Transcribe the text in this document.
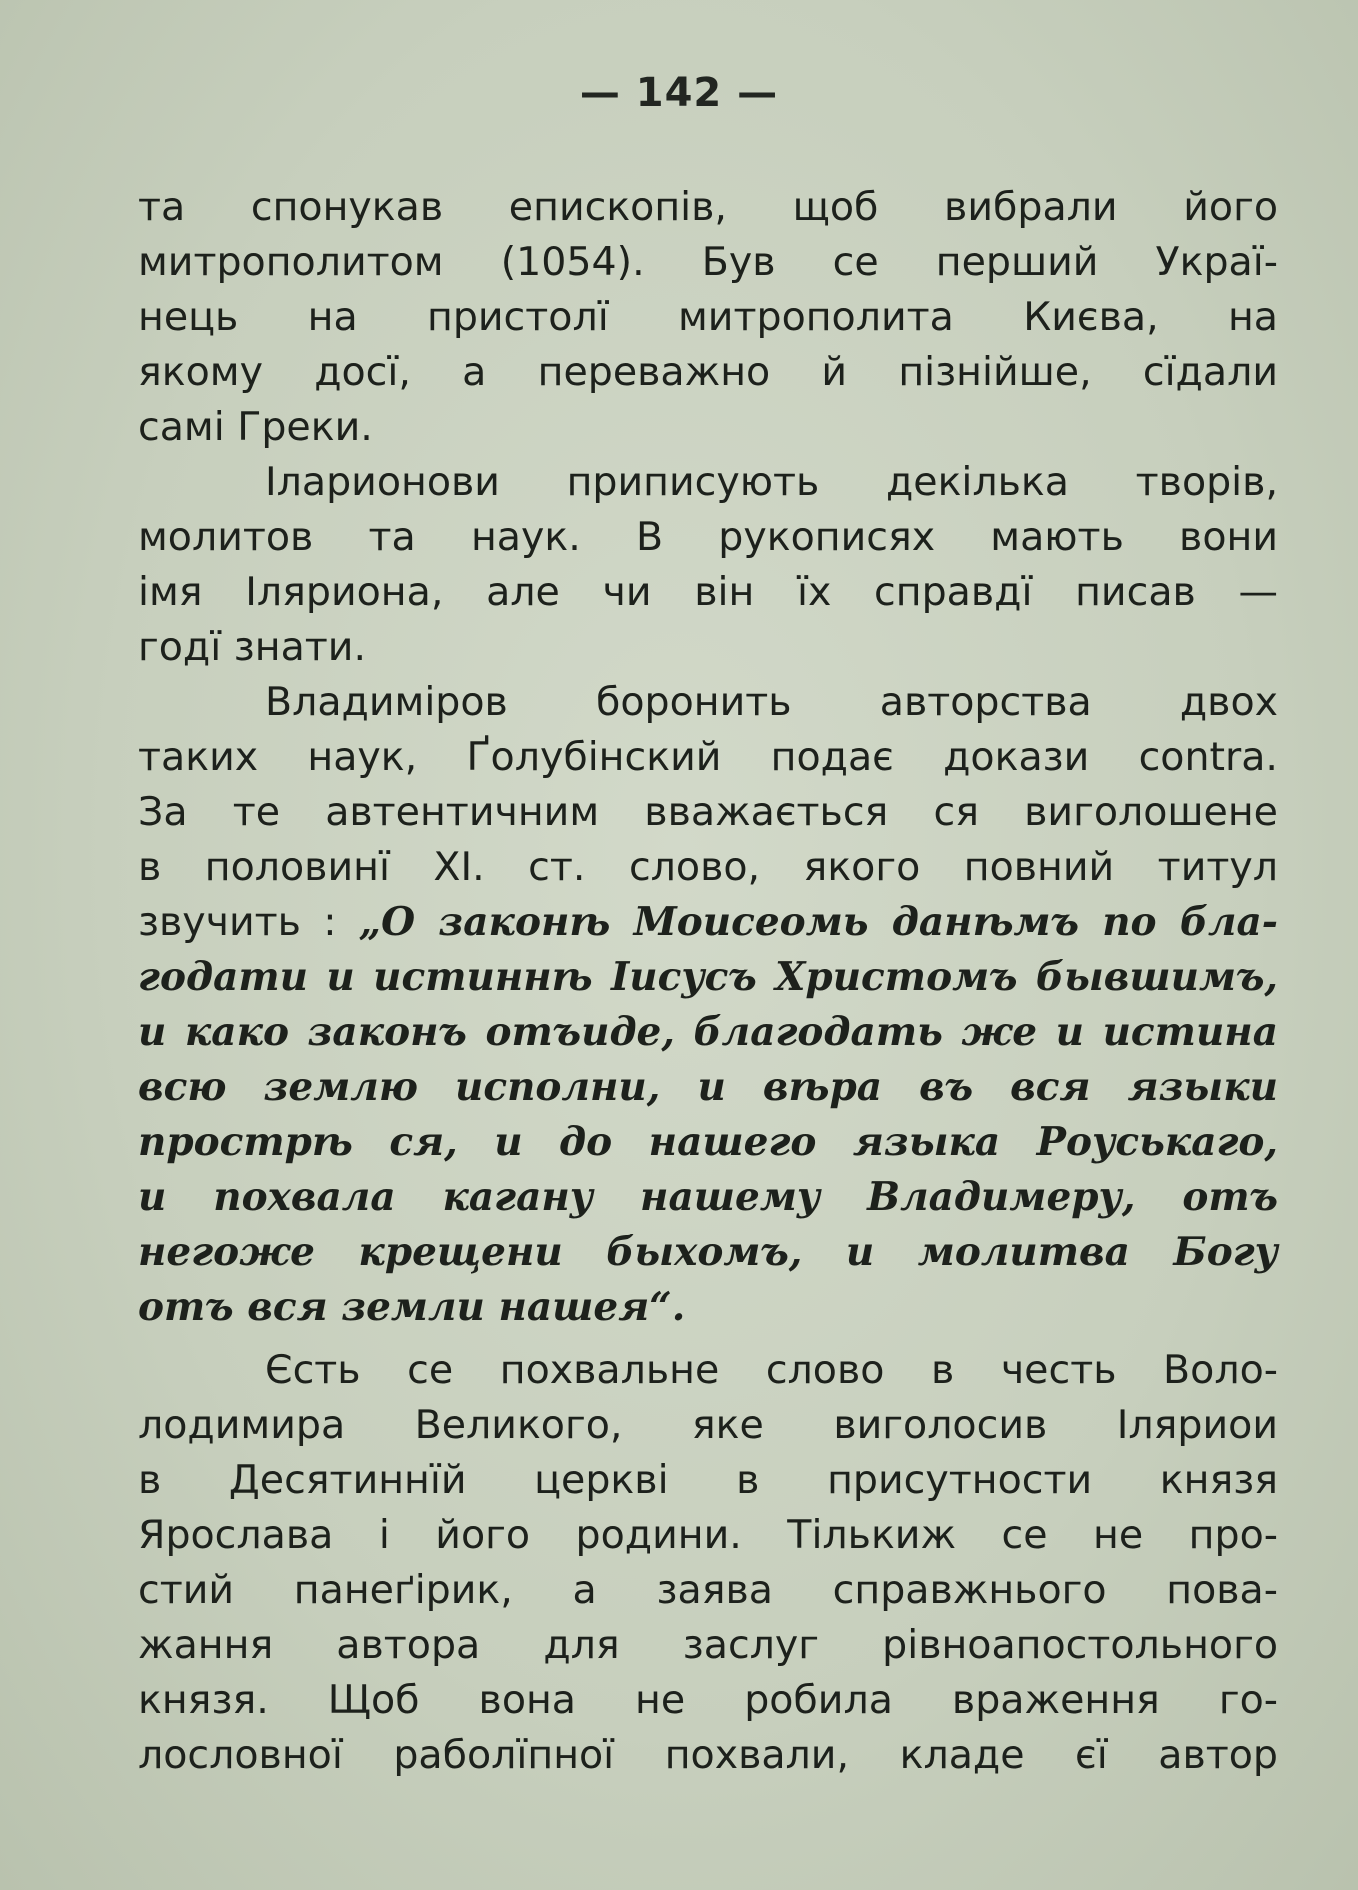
— 142 —
та спонукав епископів, щоб вибрали його
митрополитом (1054). Був се перший Украї-
нець на пристолї митрополита Києва, на
якому досї, а переважно й пізнійше, сїдали
самі Греки.
Іларионови приписують декілька творів,
молитов та наук. В рукописях мають вони
імя Іляриона, але чи він їх справдї писав —
годї знати.
Владиміров боронить авторства двох
таких наук, Ґолубінский подає докази contra.
За те автентичним вважається ся виголошене
в половинї XI. ст. слово, якого повний титул
звучить : „О законѣ Моисеомь данѣмъ по бла-
годати и истиннѣ Іисусъ Христомъ бывшимъ,
и како законъ отъиде, благодать же и истина
всю землю исполни, и вѣра въ вся языки
прострѣ ся, и до нашего языка Роуськаго,
и похвала кагану нашему Владимеру, отъ
негоже крещени быхомъ, и молитва Богу
отъ вся земли нашея“.
Єсть се похвальне слово в честь Воло-
лодимира Великого, яке виголосив Іляриои
в Десятиннїй церкві в присутности князя
Ярослава і його родини. Тількиж се не про-
стий панеґірик, а заява справжнього пова-
жання автора для заслуг рівноапостольного
князя. Щоб вона не робила враження го-
лословної раболїпної похвали, кладе єї автор
